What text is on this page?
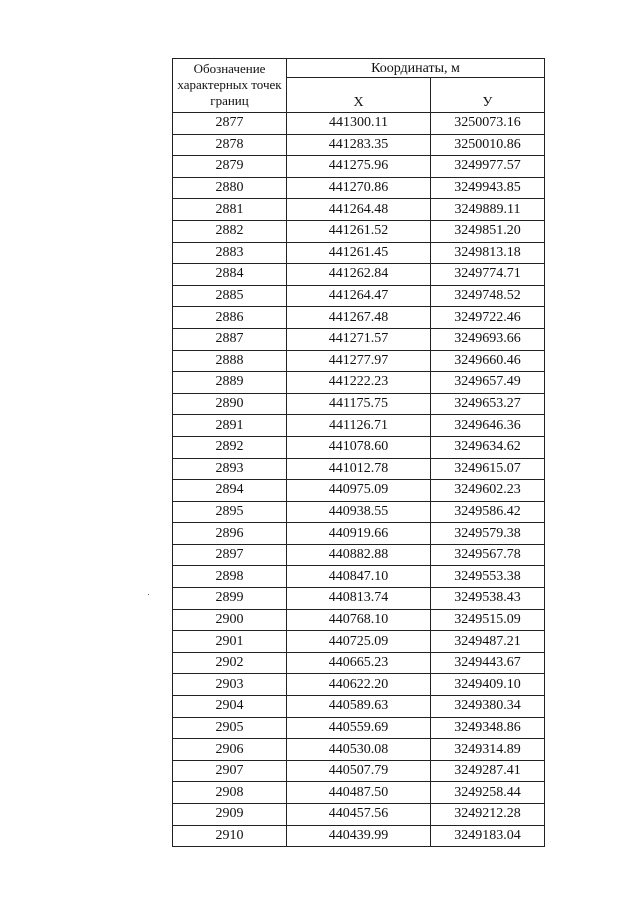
Обозначение характерных точек границ	Координаты, м	
	X	У
2877	441300.11	3250073.16
2878	441283.35	3250010.86
2879	441275.96	3249977.57
2880	441270.86	3249943.85
2881	441264.48	3249889.11
2882	441261.52	3249851.20
2883	441261.45	3249813.18
2884	441262.84	3249774.71
2885	441264.47	3249748.52
2886	441267.48	3249722.46
2887	441271.57	3249693.66
2888	441277.97	3249660.46
2889	441222.23	3249657.49
2890	441175.75	3249653.27
2891	441126.71	3249646.36
2892	441078.60	3249634.62
2893	441012.78	3249615.07
2894	440975.09	3249602.23
2895	440938.55	3249586.42
2896	440919.66	3249579.38
2897	440882.88	3249567.78
2898	440847.10	3249553.38
2899	440813.74	3249538.43
2900	440768.10	3249515.09
2901	440725.09	3249487.21
2902	440665.23	3249443.67
2903	440622.20	3249409.10
2904	440589.63	3249380.34
2905	440559.69	3249348.86
2906	440530.08	3249314.89
2907	440507.79	3249287.41
2908	440487.50	3249258.44
2909	440457.56	3249212.28
2910	440439.99	3249183.04
